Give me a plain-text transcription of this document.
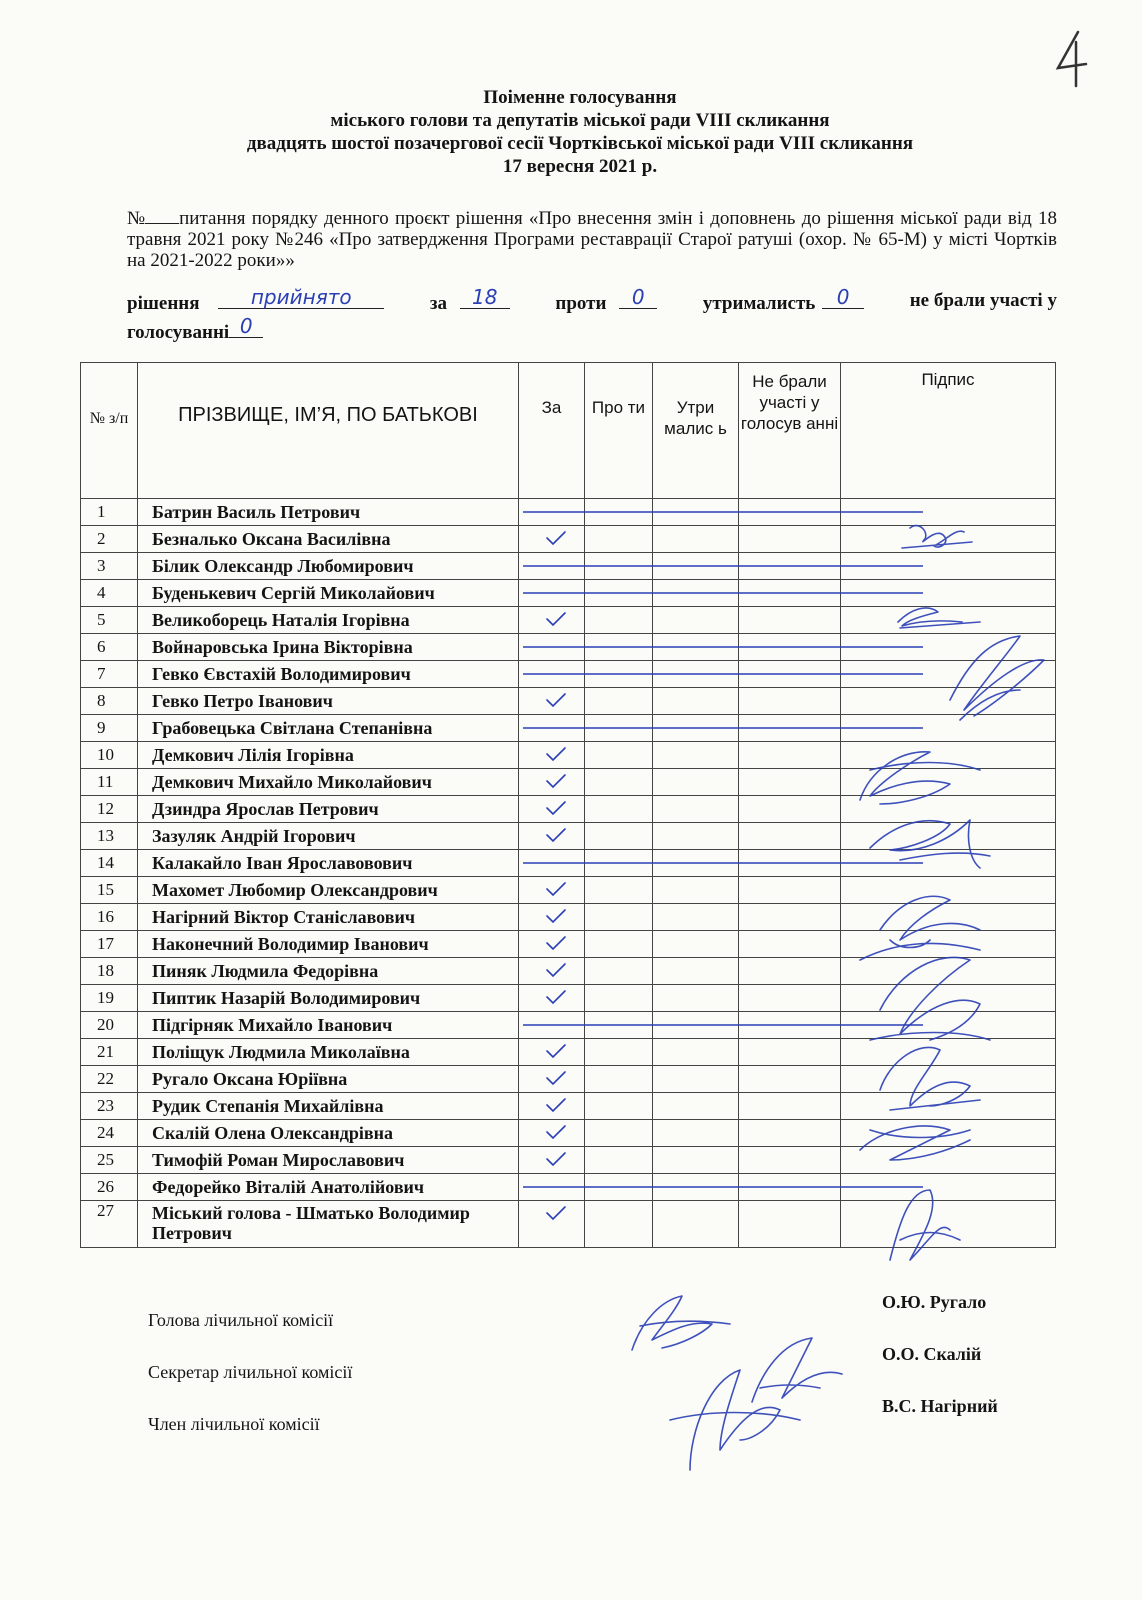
Поіменне голосування
міського голови та депутатів міської ради VIII скликання
двадцять шостої позачергової сесії Чортківської міської ради VIII скликання
17 вересня 2021 р.
№ питання порядку денного проєкт рішення «Про внесення змін і доповнень до рішення міської ради від 18 травня 2021 року №246 «Про затвердження Програми реставрації Старої ратуші (охор. № 65-М) у місті Чортків на 2021-2022 роки»»
рішення	прийнято	за	18	проти	0	утрималисть	0	не брали участі у
голосуванні 0
№ з/п	ПРІЗВИЩЕ, ІМ’Я, ПО БАТЬКОВІ	За	Про ти	Утри малис ь	Не брали участі у голосув анні	Підпис
1	Батрин Василь Петрович	

2	Безналько Оксана Василівна	

3	Білик Олександр Любомирович	

4	Буденькевич Сергій Миколайович	

5	Великоборець Наталія Ігорівна	

6	Войнаровська Ірина Вікторівна	

7	Гевко Євстахій Володимирович	

8	Гевко Петро Іванович	

9	Грабовецька Світлана Степанівна	

10	Демкович Лілія Ігорівна	

11	Демкович Михайло Миколайович	

12	Дзиндра Ярослав Петрович	

13	Зазуляк Андрій Ігорович	

14	Калакайло Іван Ярославовович	

15	Махомет Любомир Олександрович	

16	Нагірний Віктор Станіславович	

17	Наконечний Володимир Іванович	

18	Пиняк Людмила Федорівна	

19	Пиптик Назарій Володимирович	

20	Підгірняк Михайло Іванович	

21	Поліщук Людмила Миколаївна	

22	Ругало Оксана Юріївна	

23	Рудик Степанія Михайлівна	

24	Скалій Олена Олександрівна	

25	Тимофій Роман Мирославович	

26	Федорейко Віталій Анатолійович	

27	Міський голова - Шматько Володимир Петрович	

Голова лічильної комісії
О.Ю. Ругало
Секретар лічильної комісії
О.О. Скалій
Член лічильної комісії
В.С. Нагірний
